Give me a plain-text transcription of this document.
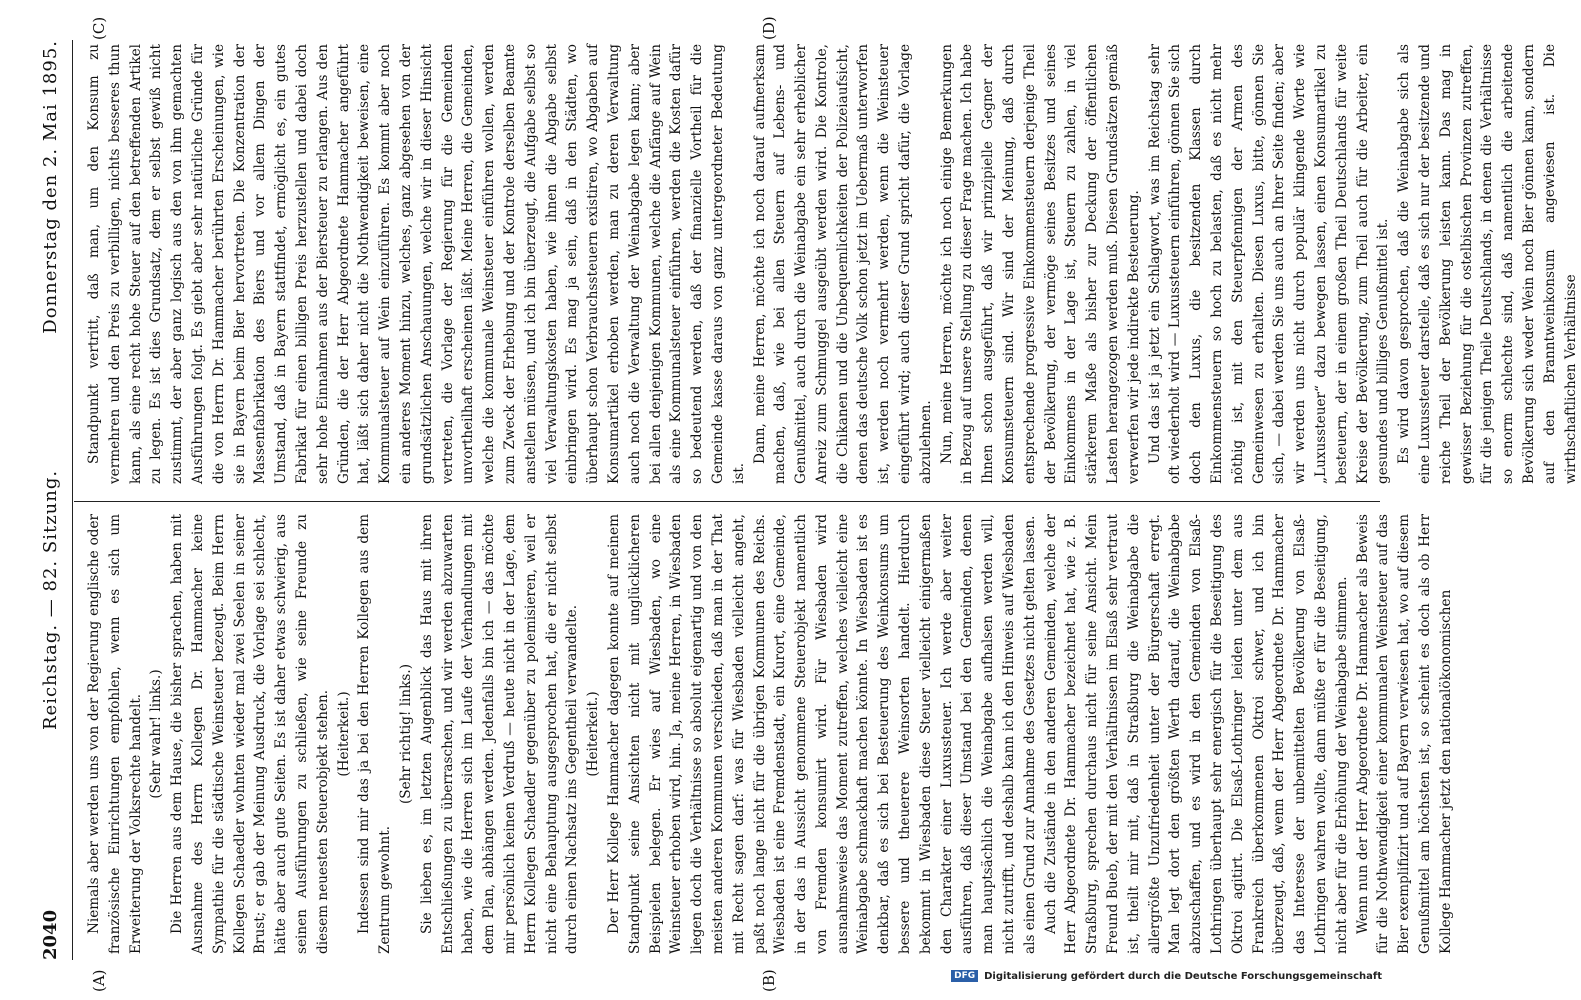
2040
Reichstag. — 82. Sitzung.
Donnerstag den 2. Mai 1895.
(A)	(B)
(C)	(D)

Niemals aber werden uns von der Regierung englische oder französische Einrichtungen empfohlen, wenn es sich um Erweiterung der Volksrechte handelt. (Sehr wahr! links.) Die Herren aus dem Hause, die bisher sprachen, haben mit Ausnahme des Herrn Kollegen Dr. Hammacher keine Sympathie für die städtische Weinsteuer bezeugt. Beim Herrn Kollegen Schaedler wohnten wieder mal zwei Seelen in seiner Brust; er gab der Meinung Ausdruck, die Vorlage sei schlecht, hätte aber auch gute Seiten. Es ist daher etwas schwierig, aus seinen Ausführungen zu schließen, wie seine Freunde zu diesem neuesten Steuerobjekt stehen. (Heiterkeit.) Indessen sind mir das ja bei den Herren Kollegen aus dem Zentrum gewohnt.

(Sehr richtig! links.) Sie lieben es, im letzten Augenblick das Haus mit ihren Entschließungen zu überraschen, und wir werden abzuwarten haben, wie die Herren sich im Laufe der Verhandlungen mit dem Plan, abhängen werden. Jedenfalls bin ich — das möchte mir persönlich keinen Verdruß — heute nicht in der Lage, dem Herrn Kollegen Schaedler gegenüber zu polemisieren, weil er nicht eine Behauptung ausgesprochen hat, die er nicht selbst durch einen Nachsatz ins Gegentheil verwandelte. (Heiterkeit.) Der Herr Kollege Hammacher dagegen konnte auf meinem Standpunkt seine Ansichten nicht mit unglücklicheren Beispielen belegen. Er wies auf Wiesbaden, wo eine Weinsteuer erhoben wird, hin. Ja, meine Herren, in Wiesbaden liegen doch die Verhältnisse so absolut eigenartig und von den meisten anderen Kommunen verschieden, daß man in der That mit Recht sagen darf: was für Wiesbaden vielleicht angeht, paßt noch lange nicht für die übrigen Kommunen des Reichs. Wiesbaden ist eine Fremdenstadt, ein Kurort, eine Gemeinde, in der das in Aussicht genommene Steuerobjekt namentlich von Fremden konsumirt wird. Für Wiesbaden wird ausnahmsweise das Moment zutreffen, welches vielleicht eine Weinabgabe schmackhaft machen könnte. In Wiesbaden ist es denkbar, daß es sich bei Besteuerung des Weinkonsums um bessere und theuerere Weinsorten handelt. Hierdurch bekommt in Wiesbaden diese Steuer vielleicht einigermaßen den Charakter einer Luxussteuer. Ich werde aber weiter ausführen, daß dieser Umstand bei den Gemeinden, denen man hauptsächlich die Weinabgabe aufhalsen werden will, nicht zutrifft, und deshalb kann ich den Hinweis auf Wiesbaden als einen Grund zur Annahme des Gesetzes nicht gelten lassen. Auch die Zustände in den anderen Gemeinden, welche der Herr Abgeordnete Dr. Hammacher bezeichnet hat, wie z. B. Straßburg, sprechen durchaus nicht für seine Ansicht. Mein Freund Bueb, der mit den Verhältnissen im Elsaß sehr vertraut ist, theilt mir mit, daß in Straßburg die Weinabgabe die allergrößte Unzufriedenheit unter der Bürgerschaft erregt. Man legt dort den größten Werth darauf, die Weinabgabe abzuschaffen, und es wird in den Gemeinden von Elsaß-Lothringen überhaupt sehr energisch für die Beseitigung des Oktroi agitirt. Die Elsaß-Lothringer leiden unter dem aus Frankreich überkommenen Oktroi schwer, und ich bin überzeugt, daß, wenn der Herr Abgeordnete Dr. Hammacher das Interesse der unbemittelten Bevölkerung von Elsaß-Lothringen wahren wollte, dann müßte er für die Beseitigung, nicht aber für die Erhöhung der Weinabgabe stimmen. Wenn nun der Herr Abgeordnete Dr. Hammacher als Beweis für die Nothwendigkeit einer kommunalen Weinsteuer auf das Bier exemplifizirt und auf Bayern verwiesen hat, wo auf diesem Genußmittel am höchsten ist, so scheint es doch als ob Herr Kollege Hammacher jetzt den nationalökonomischen

Standpunkt vertritt, daß man, um den Konsum zu vermehren und den Preis zu verbilligen, nichts besseres thun kann, als eine recht hohe Steuer auf den betreffenden Artikel zu legen. Es ist dies Grundsatz, dem er selbst gewiß nicht zustimmt, der aber ganz logisch aus den von ihm gemachten Ausführungen folgt. Es giebt aber sehr natürliche Gründe für die von Herrn Dr. Hammacher berührten Erscheinungen, wie sie in Bayern beim Bier hervortreten. Die Konzentration der Massenfabrikation des Biers und vor allem Dingen der Umstand, daß in Bayern stattfindet, ermöglicht es, ein gutes Fabrikat für einen billigen Preis herzustellen und dabei doch sehr hohe Einnahmen aus der Biersteuer zu erlangen. Aus den Gründen, die der Herr Abgeordnete Hammacher angeführt hat, läßt sich daher nicht die Nothwendigkeit beweisen, eine Kommunalsteuer auf Wein einzuführen. Es kommt aber noch ein anderes Moment hinzu, welches, ganz abgesehen von der grundsätzlichen Anschauungen, welche wir in dieser Hinsicht vertreten, die Vorlage der Regierung für die Gemeinden unvortheilhaft erscheinen läßt. Meine Herren, die Gemeinden, welche die kommunale Weinsteuer einführen wollen, werden zum Zweck der Erhebung und der Kontrole derselben Beamte anstellen müssen, und ich bin überzeugt, die Aufgabe selbst so viel Verwaltungskosten haben, wie ihnen die Abgabe selbst einbringen wird. Es mag ja sein, daß in den Städten, wo überhaupt schon Verbrauchssteuern existiren, wo Abgaben auf Konsumartikel erhoben werden, man zu deren Verwaltung auch noch die Verwaltung der Weinabgabe legen kann; aber bei allen denjenigen Kommunen, welche die Anfänge auf Wein als eine Kommunalsteuer einführen, werden die Kosten dafür so bedeutend werden, daß der finanzielle Vortheil für die Gemeinde kasse daraus von ganz untergeordneter Bedeutung ist.

Dann, meine Herren, möchte ich noch darauf aufmerksam machen, daß, wie bei allen Steuern auf Lebens- und Genußmittel, auch durch die Weinabgabe ein sehr erheblicher Anreiz zum Schmuggel ausgeübt werden wird. Die Kontrole, die Chikanen und die Unbequemlichkeiten der Polizeiaufsicht, denen das deutsche Volk schon jetzt im Uebermaß unterworfen ist, werden noch vermehrt werden, wenn die Weinsteuer eingeführt wird; auch dieser Grund spricht dafür, die Vorlage abzulehnen. Nun, meine Herren, möchte ich noch einige Bemerkungen in Bezug auf unsere Stellung zu dieser Frage machen. Ich habe Ihnen schon ausgeführt, daß wir prinzipielle Gegner der Konsumsteuern sind. Wir sind der Meinung, daß durch entsprechende progressive Einkommensteuern derjenige Theil der Bevölkerung, der vermöge seines Besitzes und seines Einkommens in der Lage ist, Steuern zu zahlen, in viel stärkerem Maße als bisher zur Deckung der öffentlichen Lasten herangezogen werden muß. Diesen Grundsätzen gemäß verwerfen wir jede indirekte Besteuerung. Und das ist ja jetzt ein Schlagwort, was im Reichstag sehr oft wiederholt wird — Luxussteuern einführen, gönnen Sie sich doch den Luxus, die besitzenden Klassen durch Einkommensteuern so hoch zu belasten, daß es nicht mehr nöthig ist, mit den Steuerpfennigen der Armen des Gemeinwesen zu erhalten. Diesen Luxus, bitte, gönnen Sie sich, — dabei werden Sie uns auch an Ihrer Seite finden; aber wir werden uns nicht durch populär klingende Worte wie „Luxussteuer“ dazu bewegen lassen, einen Konsumartikel zu besteuern, der in einem großen Theil Deutschlands für weite Kreise der Bevölkerung, zum Theil auch für die Arbeiter, ein gesundes und billiges Genußmittel ist. Es wird davon gesprochen, daß die Weinabgabe sich als eine Luxussteuer darstelle, daß es sich nur der besitzende und reiche Theil der Bevölkerung leisten kann. Das mag in gewisser Beziehung für die ostelbischen Provinzen zutreffen, für die jenigen Theile Deutschlands, in denen die Verhältnisse so enorm schlechte sind, daß namentlich die arbeitende Bevölkerung sich weder Wein noch Bier gönnen kann, sondern auf den Branntweinkonsum angewiesen ist. Die wirthschaftlichen Verhältnisse

DFG Digitalisierung gefördert durch die Deutsche Forschungsgemeinschaft
